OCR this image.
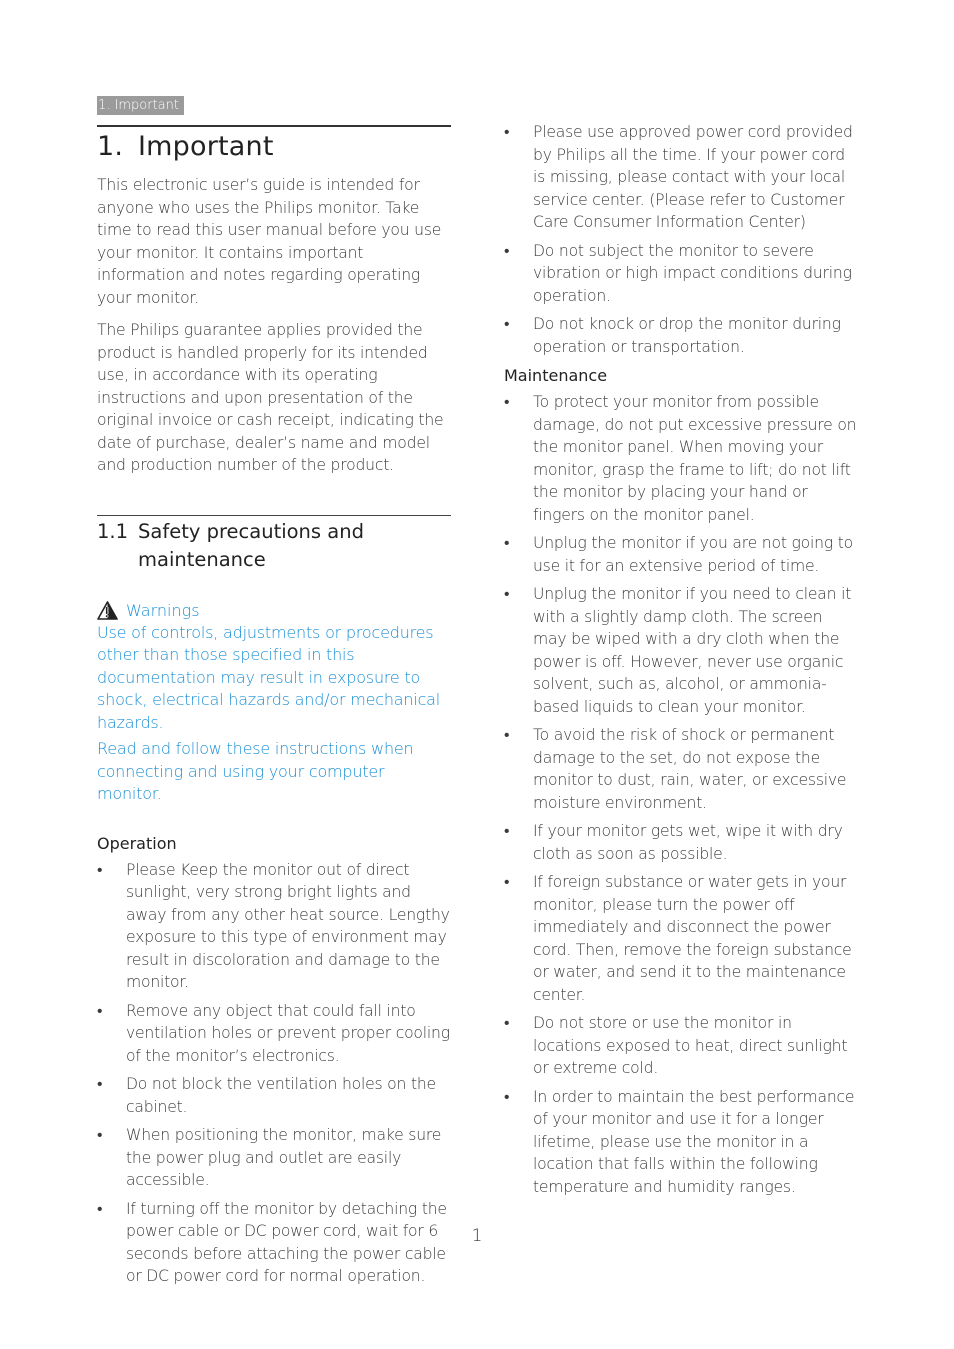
1. Important
1. Important

This electronic user’s guide is intended for anyone who uses the Philips monitor. Take time to read this user manual before you use your monitor. It contains important information and notes regarding operating your monitor.

The Philips guarantee applies provided the product is handled properly for its intended use, in accordance with its operating instructions and upon presentation of the original invoice or cash receipt, indicating the date of purchase, dealer’s name and model and production number of the product.

1.1 Safety precautions and maintenance
Warnings

Use of controls, adjustments or procedures other than those specified in this documentation may result in exposure to shock, electrical hazards and/or mechanical hazards.

Read and follow these instructions when connecting and using your computer monitor.

Operation
• Please Keep the monitor out of direct sunlight, very strong bright lights and away from any other heat source. Lengthy exposure to this type of environment may result in discoloration and damage to the monitor.
• Remove any object that could fall into ventilation holes or prevent proper cooling of the monitor’s electronics.
• Do not block the ventilation holes on the cabinet.
• When positioning the monitor, make sure the power plug and outlet are easily accessible.
• If turning off the monitor by detaching the power cable or DC power cord, wait for 6 seconds before attaching the power cable or DC power cord for normal operation.
• Please use approved power cord provided by Philips all the time. If your power cord is missing, please contact with your local service center. (Please refer to Customer Care Consumer Information Center)
• Do not subject the monitor to severe vibration or high impact conditions during operation.
• Do not knock or drop the monitor during operation or transportation.
Maintenance
• To protect your monitor from possible damage, do not put excessive pressure on the monitor panel. When moving your monitor, grasp the frame to lift; do not lift the monitor by placing your hand or fingers on the monitor panel.
• Unplug the monitor if you are not going to use it for an extensive period of time.
• Unplug the monitor if you need to clean it with a slightly damp cloth. The screen may be wiped with a dry cloth when the power is off. However, never use organic solvent, such as, alcohol, or ammonia-based liquids to clean your monitor.
• To avoid the risk of shock or permanent damage to the set, do not expose the monitor to dust, rain, water, or excessive moisture environment.
• If your monitor gets wet, wipe it with dry cloth as soon as possible.
• If foreign substance or water gets in your monitor, please turn the power off immediately and disconnect the power cord. Then, remove the foreign substance or water, and send it to the maintenance center.
• Do not store or use the monitor in locations exposed to heat, direct sunlight or extreme cold.
• In order to maintain the best performance of your monitor and use it for a longer lifetime, please use the monitor in a location that falls within the following temperature and humidity ranges.
1
